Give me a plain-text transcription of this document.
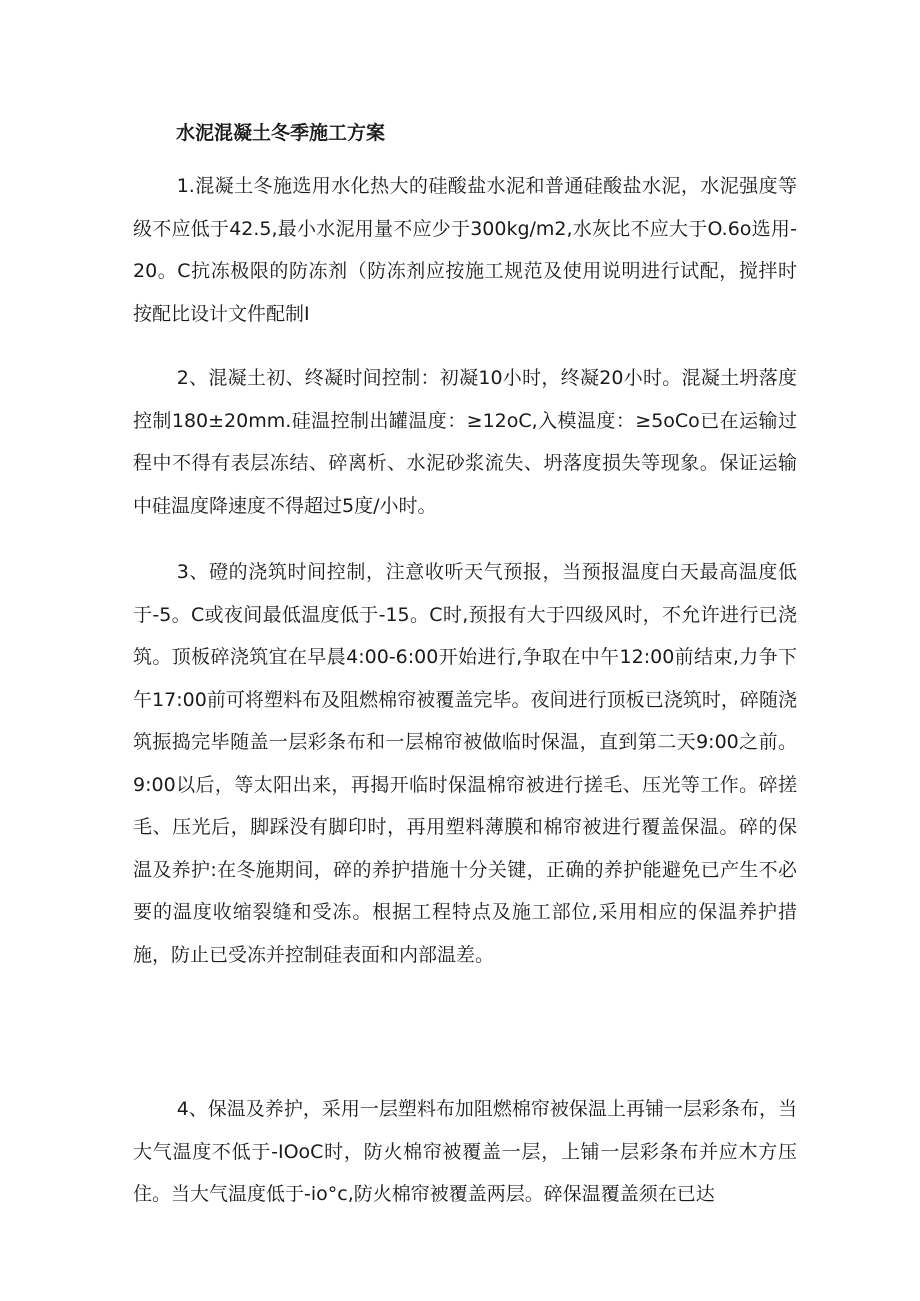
水泥混凝土冬季施工方案

1.混凝土冬施选用水化热大的硅酸盐水泥和普通硅酸盐水泥，水泥强度等级不应低于42.5,最小水泥用量不应少于300kg/m2,水灰比不应大于O.6o选用-20。C抗冻极限的防冻剂（防冻剂应按施工规范及使用说明进行试配，搅拌时按配比设计文件配制I

2、混凝土初、终凝时间控制：初凝10小时，终凝20小时。混凝土坍落度控制180±20mm.硅温控制出罐温度：≥12oC,入模温度：≥5oCo已在运输过程中不得有表层冻结、碎离析、水泥砂浆流失、坍落度损失等现象。保证运输中硅温度降速度不得超过5度/小时。

3、磴的浇筑时间控制，注意收听天气预报，当预报温度白天最高温度低于-5。C或夜间最低温度低于-15。C时,预报有大于四级风时，不允许进行已浇筑。顶板碎浇筑宜在早晨4:00-6:00开始进行,争取在中午12:00前结束,力争下午17:00前可将塑料布及阻燃棉帘被覆盖完毕。夜间进行顶板已浇筑时，碎随浇筑振捣完毕随盖一层彩条布和一层棉帘被做临时保温，直到第二天9:00之前。9:00以后，等太阳出来，再揭开临时保温棉帘被进行搓毛、压光等工作。碎搓毛、压光后，脚踩没有脚印时，再用塑料薄膜和棉帘被进行覆盖保温。碎的保温及养护:在冬施期间，碎的养护措施十分关键，正确的养护能避免已产生不必要的温度收缩裂缝和受冻。根据工程特点及施工部位,采用相应的保温养护措施，防止已受冻并控制硅表面和内部温差。

4、保温及养护，采用一层塑料布加阻燃棉帘被保温上再铺一层彩条布，当大气温度不低于-IOoC时，防火棉帘被覆盖一层，上铺一层彩条布并应木方压住。当大气温度低于-io°c,防火棉帘被覆盖两层。碎保温覆盖须在已达
